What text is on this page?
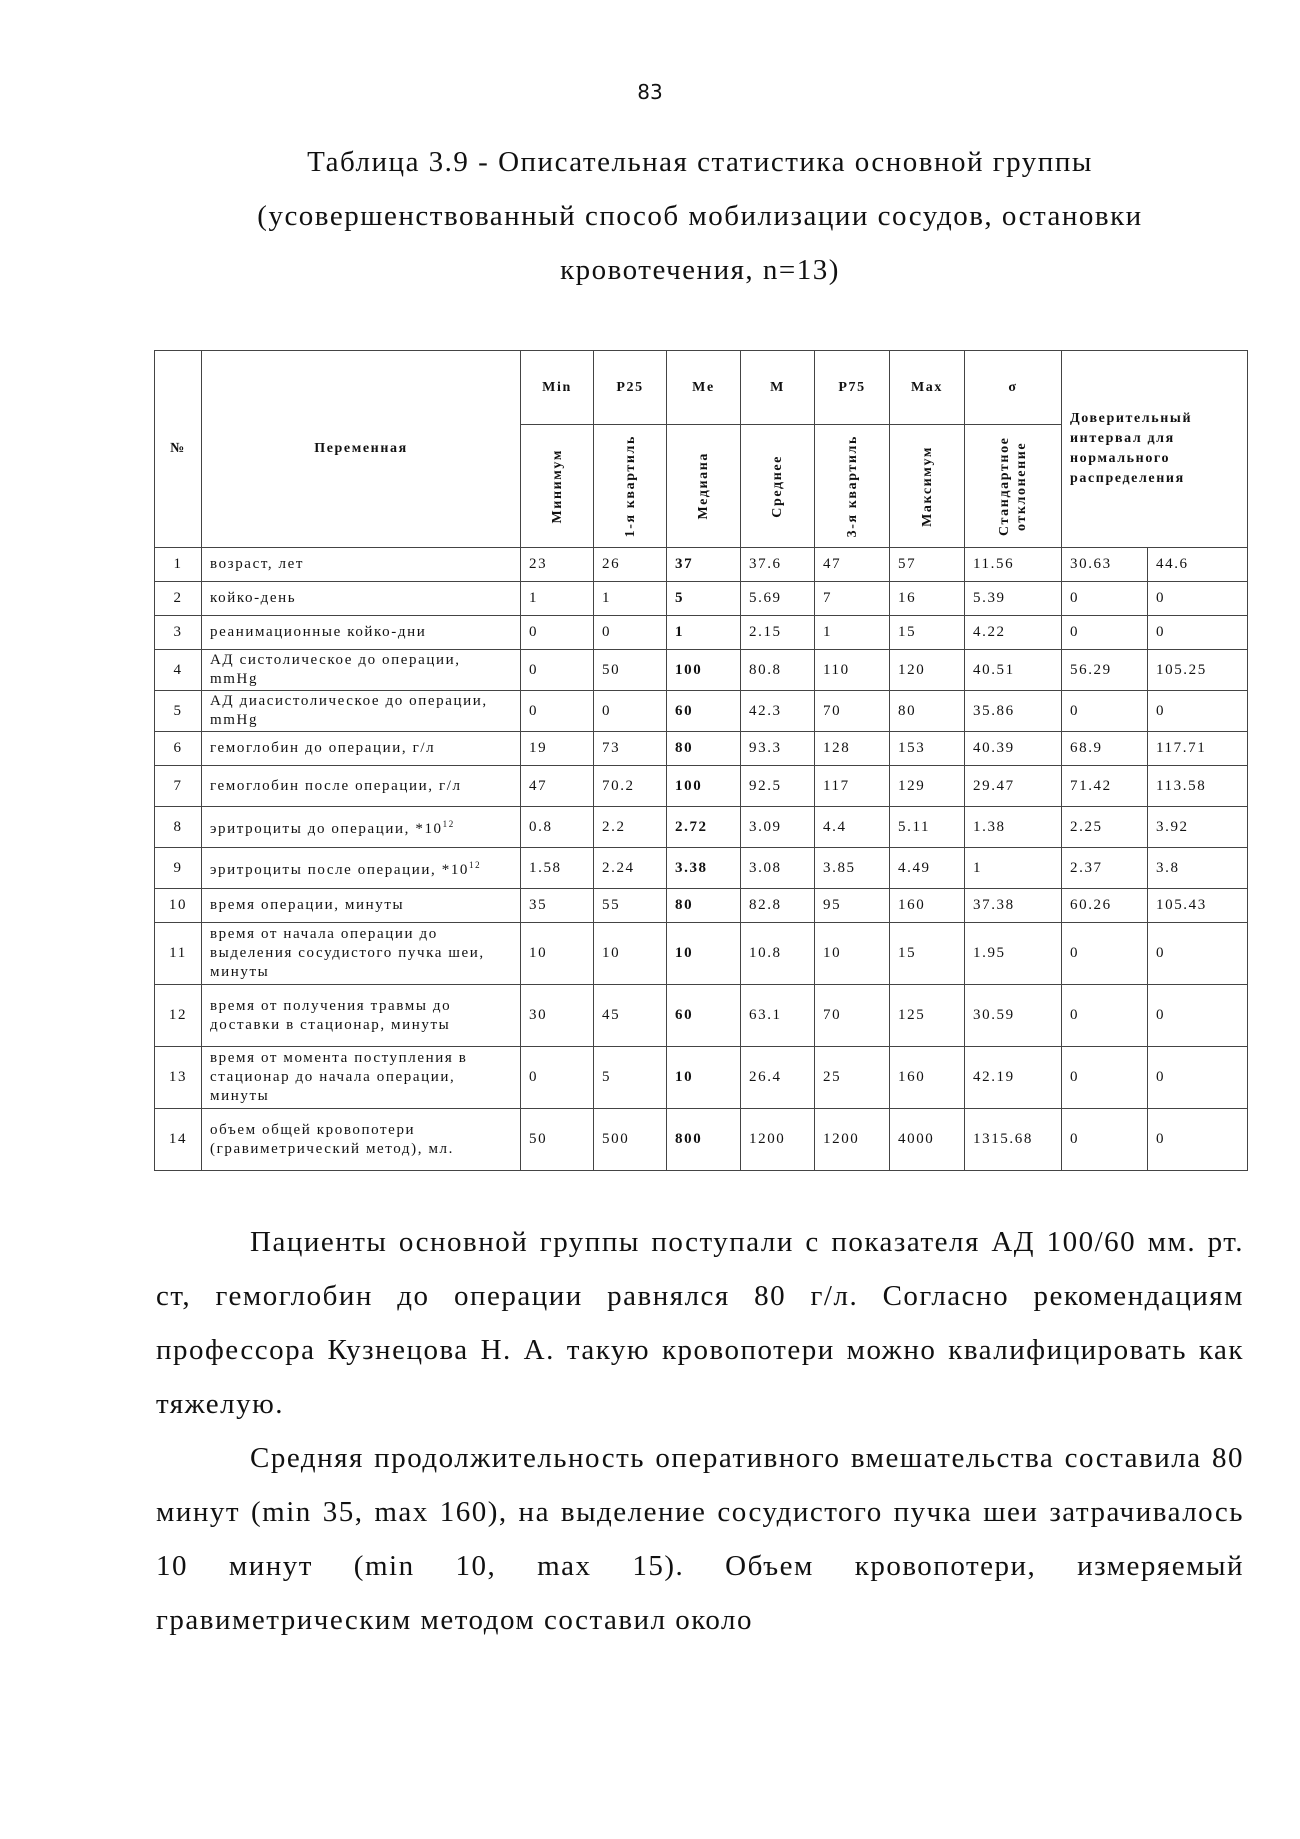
83
Таблица 3.9 - Описательная статистика основной группы
(усовершенствованный способ мобилизации сосудов, остановки
кровотечения, n=13)
№	Переменная	Min	P25	Me	M	P75	Max	σ	Доверительный интервал для нормального распределения	

		Минимум	1-я квартиль	Медиана	Среднее	3-я квартиль	Максимум	Стандартное отклонение		

1	возраст, лет	23	26	37	37.6	47	57	11.56	30.63	44.6
2	койко-день	1	1	5	5.69	7	16	5.39	0	0
3	реанимационные койко-дни	0	0	1	2.15	1	15	4.22	0	0
4	АД систолическое до операции, mmHg	0	50	100	80.8	110	120	40.51	56.29	105.25
5	АД диасистолическое до операции, mmHg	0	0	60	42.3	70	80	35.86	0	0
6	гемоглобин до операции, г/л	19	73	80	93.3	128	153	40.39	68.9	117.71
7	гемоглобин после операции, г/л	47	70.2	100	92.5	117	129	29.47	71.42	113.58
8	эритроциты до операции, $*10^{12}$	0.8	2.2	2.72	3.09	4.4	5.11	1.38	2.25	3.92
9	эритроциты после операции, $*10^{12}$	1.58	2.24	3.38	3.08	3.85	4.49	1	2.37	3.8
10	время операции, минуты	35	55	80	82.8	95	160	37.38	60.26	105.43
11	время от начала операции до выделения сосудистого пучка шеи, минуты	10	10	10	10.8	10	15	1.95	0	0
12	время от получения травмы до доставки в стационар, минуты	30	45	60	63.1	70	125	30.59	0	0
13	время от момента поступления в стационар до начала операции, минуты	0	5	10	26.4	25	160	42.19	0	0
14	объем общей кровопотери (гравиметрический метод), мл.	50	500	800	1200	1200	4000	1315.68	0	0

Пациенты основной группы поступали с показателя АД 100/60 мм. рт. ст, гемоглобин до операции равнялся 80 г/л. Согласно рекомендациям профессора Кузнецова Н. А. такую кровопотери можно квалифицировать как тяжелую.

Средняя продолжительность оперативного вмешательства составила 80 минут (min 35, max 160), на выделение сосудистого пучка шеи затрачивалось 10 минут (min 10, max 15). Объем кровопотери, измеряемый гравиметрическим методом составил около
